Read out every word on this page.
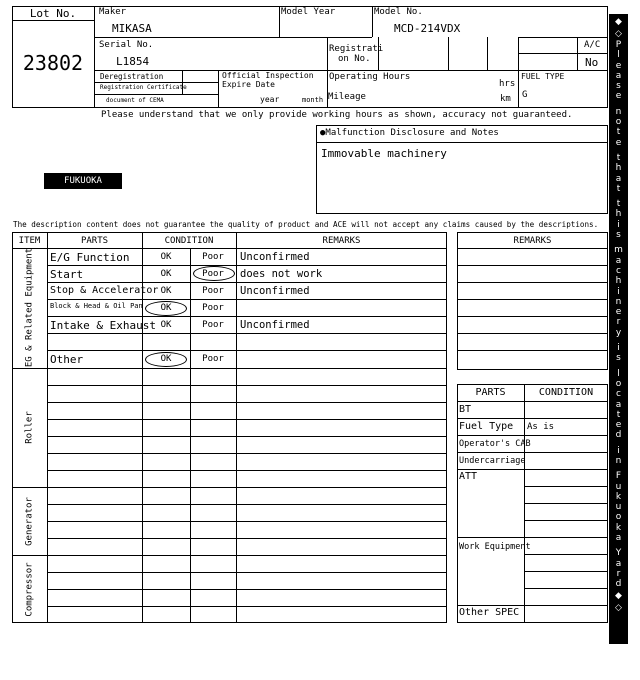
Lot No.
23802
Maker
MIKASA
Model Year	Model No.
MCD-214VDX
Serial No.
L1854
Registrati
on No.
A/C
No
Deregistration
Registration Certificate
document of CEMA
Official Inspection
Expire Date
year	month
Operating Hours
hrs
Mileage	km
FUEL TYPE
G
Please understand that we only provide working hours as shown, accuracy not guaranteed.
●Malfunction Disclosure and Notes
Immovable machinery
FUKUOKA
The description content does not guarantee the quality of product and ACE will not accept any claims caused by the descriptions.
ITEM	PARTS	CONDITION	REMARKS
EG & Related Equipment
Roller
Generator
Compressor
E/G Function	OK	Poor	Unconfirmed
Start	OK	Poor	does not work
Stop & Accelerator OK	Poor	Unconfirmed
Block & Head & Oil Pan	OK	Poor
Intake & Exhaust OK	Poor	Unconfirmed
Other	OK	Poor
REMARKS
PARTS	CONDITION
BT
Fuel Type As is
Operator's CAB
Undercarriage
ATT
Work Equipment
Other SPEC
◆
◇
P
l
e
a
s
e
n
o
t
e
t
h
a
t
t
h
i
s
m
a
c
h
i
n
e
r
y
i
s
l
o
c
a
t
e
d
i
n
F
u
k
u
o
k
a
Y
a
r
d
◆
◇
